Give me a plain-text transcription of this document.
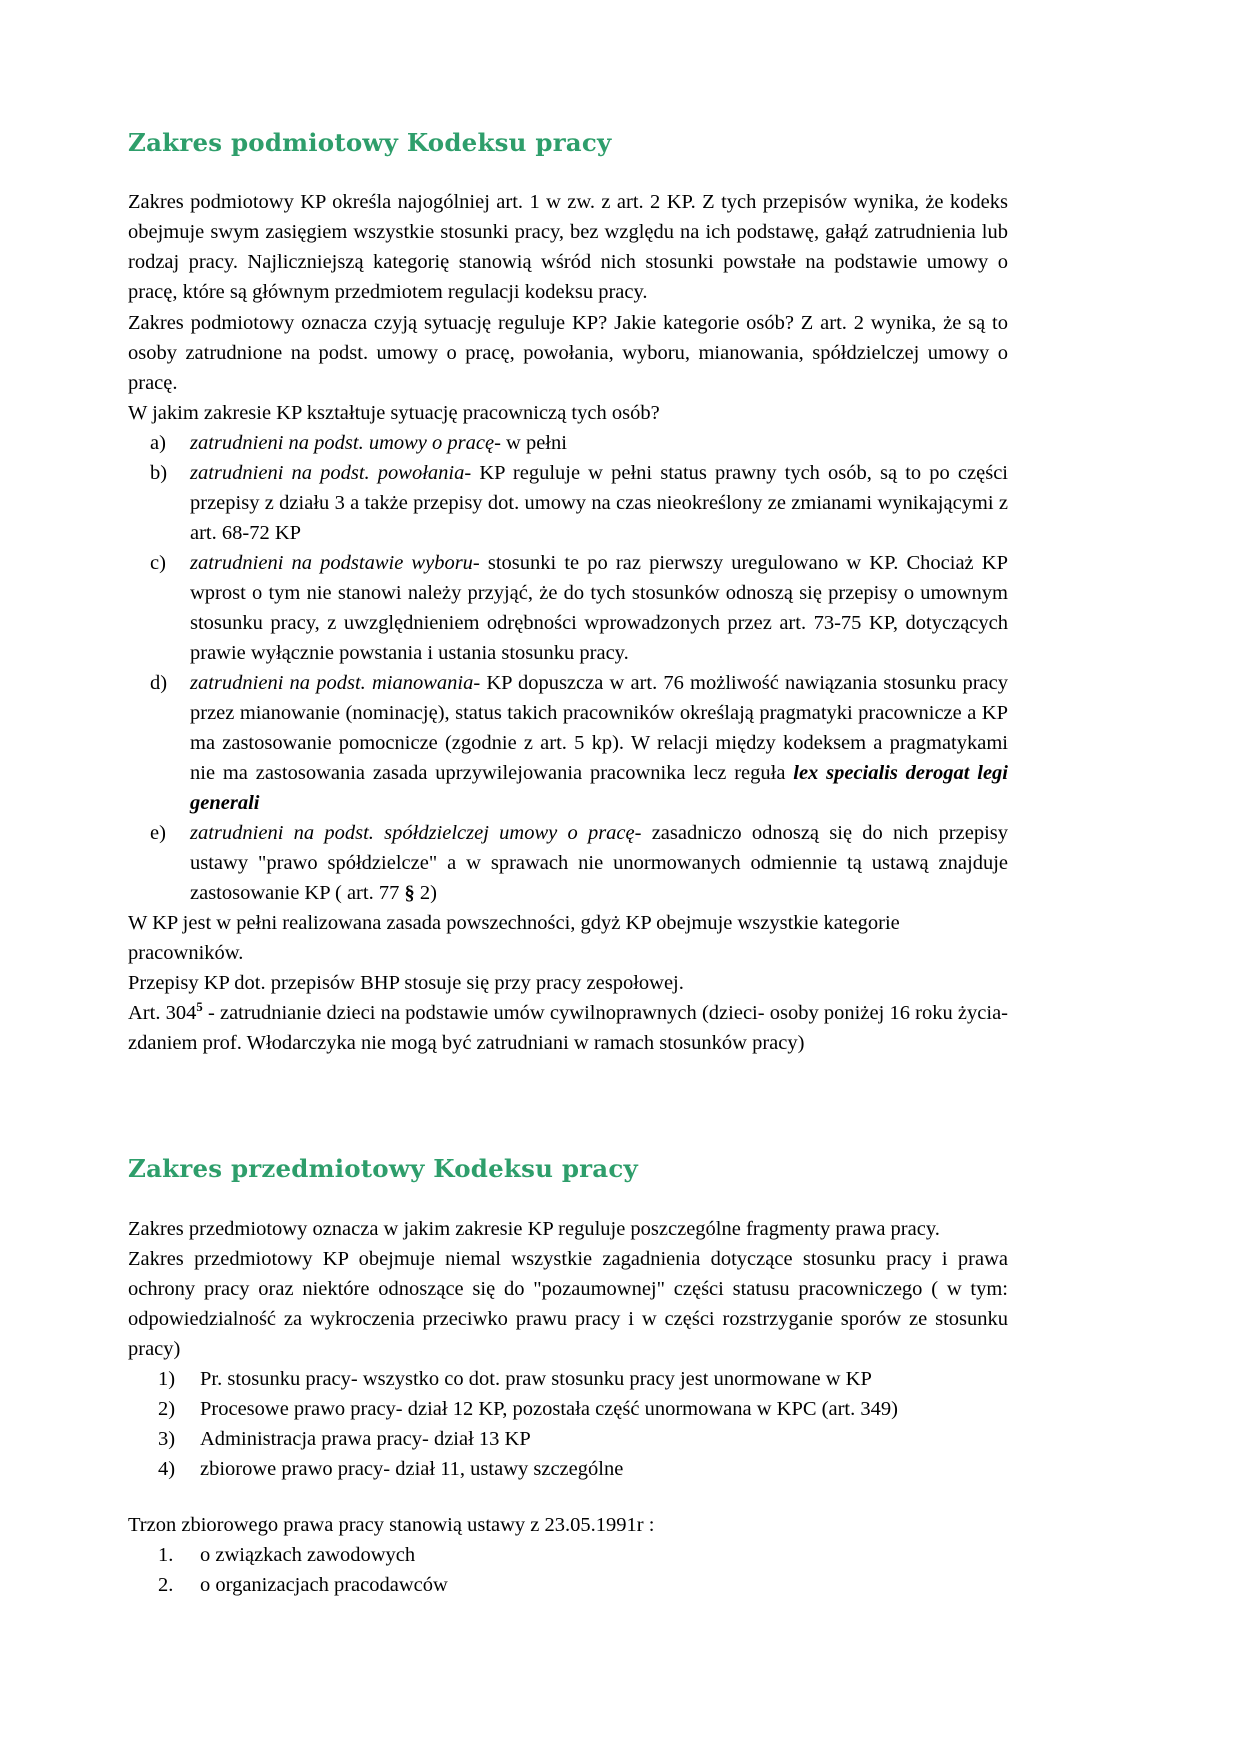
Zakres podmiotowy Kodeksu pracy

Zakres podmiotowy KP określa najogólniej art. 1 w zw. z art. 2 KP. Z tych przepisów wynika, że kodeks obejmuje swym zasięgiem wszystkie stosunki pracy, bez względu na ich podstawę, gałąź zatrudnienia lub rodzaj pracy. Najliczniejszą kategorię stanowią wśród nich stosunki powstałe na podstawie umowy o pracę, które są głównym przedmiotem regulacji kodeksu pracy.

Zakres podmiotowy oznacza czyją sytuację reguluje KP? Jakie kategorie osób? Z art. 2 wynika, że są to osoby zatrudnione na podst. umowy o pracę, powołania, wyboru, mianowania, spółdzielczej umowy o pracę.

W jakim zakresie KP kształtuje sytuację pracowniczą tych osób?

a)	zatrudnieni na podst. umowy o pracę- w pełni
b)	zatrudnieni na podst. powołania- KP reguluje w pełni status prawny tych osób, są to po części przepisy z działu 3 a także przepisy dot. umowy na czas nieokreślony ze zmianami wynikającymi z art. 68-72 KP
c)	zatrudnieni na podstawie wyboru- stosunki te po raz pierwszy uregulowano w KP. Chociaż KP wprost o tym nie stanowi należy przyjąć, że do tych stosunków odnoszą się przepisy o umownym stosunku pracy, z uwzględnieniem odrębności wprowadzonych przez art. 73-75 KP, dotyczących prawie wyłącznie powstania i ustania stosunku pracy.
d)	zatrudnieni na podst. mianowania- KP dopuszcza w art. 76 możliwość nawiązania stosunku pracy przez mianowanie (nominację), status takich pracowników określają pragmatyki pracownicze a KP ma zastosowanie pomocnicze (zgodnie z art. 5 kp). W relacji między kodeksem a pragmatykami nie ma zastosowania zasada uprzywilejowania pracownika lecz reguła lex specialis derogat legi generali
e)	zatrudnieni na podst. spółdzielczej umowy o pracę- zasadniczo odnoszą się do nich przepisy ustawy "prawo spółdzielcze" a w sprawach nie unormowanych odmiennie tą ustawą znajduje zastosowanie KP ( art. 77 § 2)

W KP jest w pełni realizowana zasada powszechności, gdyż KP obejmuje wszystkie kategorie pracowników.

Przepisy KP dot. przepisów BHP stosuje się przy pracy zespołowej.

Art. $304^5$ - zatrudnianie dzieci na podstawie umów cywilnoprawnych (dzieci- osoby poniżej 16 roku życia- zdaniem prof. Włodarczyka nie mogą być zatrudniani w ramach stosunków pracy)

Zakres przedmiotowy Kodeksu pracy

Zakres przedmiotowy oznacza w jakim zakresie KP reguluje poszczególne fragmenty prawa pracy.

Zakres przedmiotowy KP obejmuje niemal wszystkie zagadnienia dotyczące stosunku pracy i prawa ochrony pracy oraz niektóre odnoszące się do "pozaumownej" części statusu pracowniczego ( w tym: odpowiedzialność za wykroczenia przeciwko prawu pracy i w części rozstrzyganie sporów ze stosunku pracy)

1)	Pr. stosunku pracy- wszystko co dot. praw stosunku pracy jest unormowane w KP
2)	Procesowe prawo pracy- dział 12 KP, pozostała część unormowana w KPC (art. 349)
3)	Administracja prawa pracy- dział 13 KP
4)	zbiorowe prawo pracy- dział 11, ustawy szczególne

Trzon zbiorowego prawa pracy stanowią ustawy z 23.05.1991r :

1. o związkach zawodowych
2. o organizacjach pracodawców
